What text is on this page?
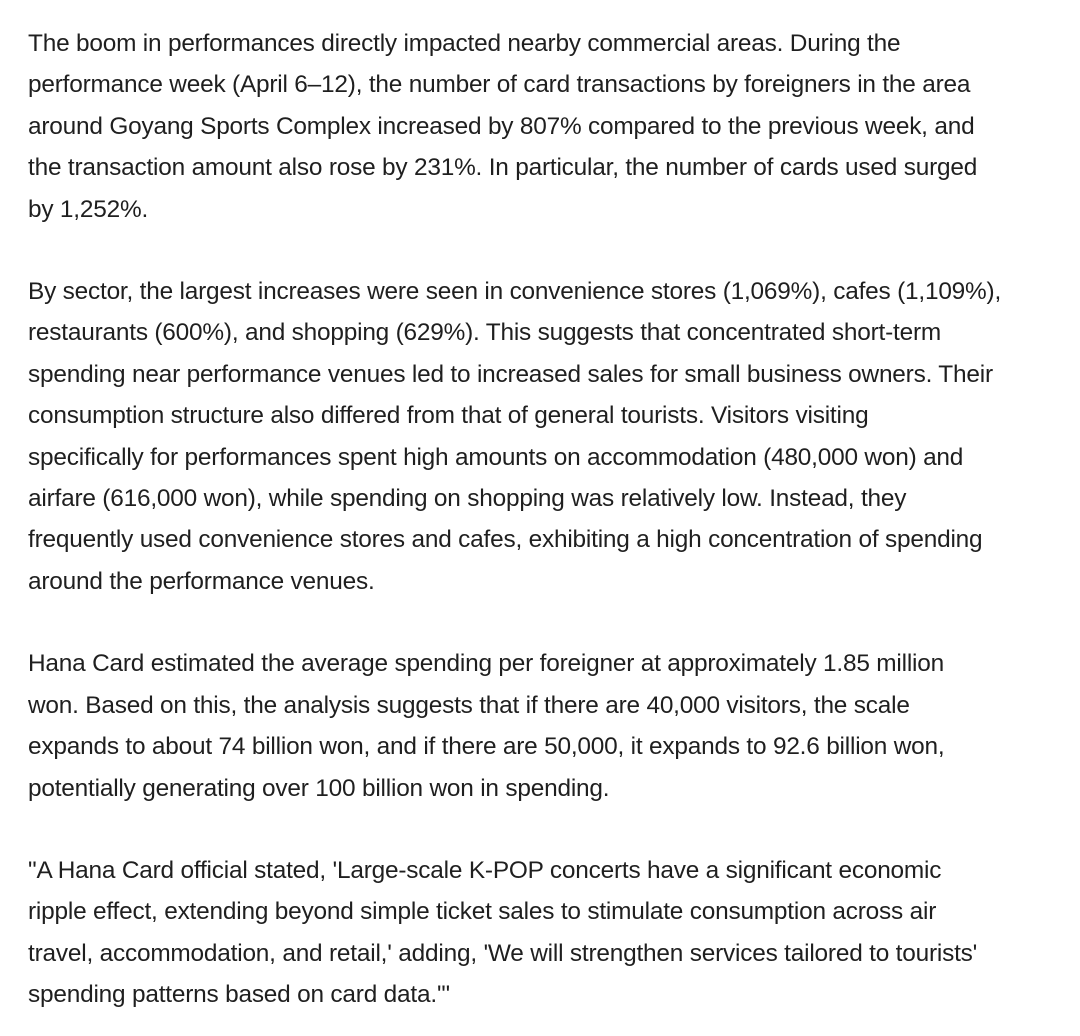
The boom in performances directly impacted nearby commercial areas. During the
performance week (April 6–12), the number of card transactions by foreigners in the area
around Goyang Sports Complex increased by 807% compared to the previous week, and
the transaction amount also rose by 231%. In particular, the number of cards used surged
by 1,252%.

By sector, the largest increases were seen in convenience stores (1,069%), cafes (1,109%),
restaurants (600%), and shopping (629%). This suggests that concentrated short-term
spending near performance venues led to increased sales for small business owners. Their
consumption structure also differed from that of general tourists. Visitors visiting
specifically for performances spent high amounts on accommodation (480,000 won) and
airfare (616,000 won), while spending on shopping was relatively low. Instead, they
frequently used convenience stores and cafes, exhibiting a high concentration of spending
around the performance venues.

Hana Card estimated the average spending per foreigner at approximately 1.85 million
won. Based on this, the analysis suggests that if there are 40,000 visitors, the scale
expands to about 74 billion won, and if there are 50,000, it expands to 92.6 billion won,
potentially generating over 100 billion won in spending.

"A Hana Card official stated, 'Large-scale K-POP concerts have a significant economic
ripple effect, extending beyond simple ticket sales to stimulate consumption across air
travel, accommodation, and retail,' adding, 'We will strengthen services tailored to tourists'
spending patterns based on card data.'"
